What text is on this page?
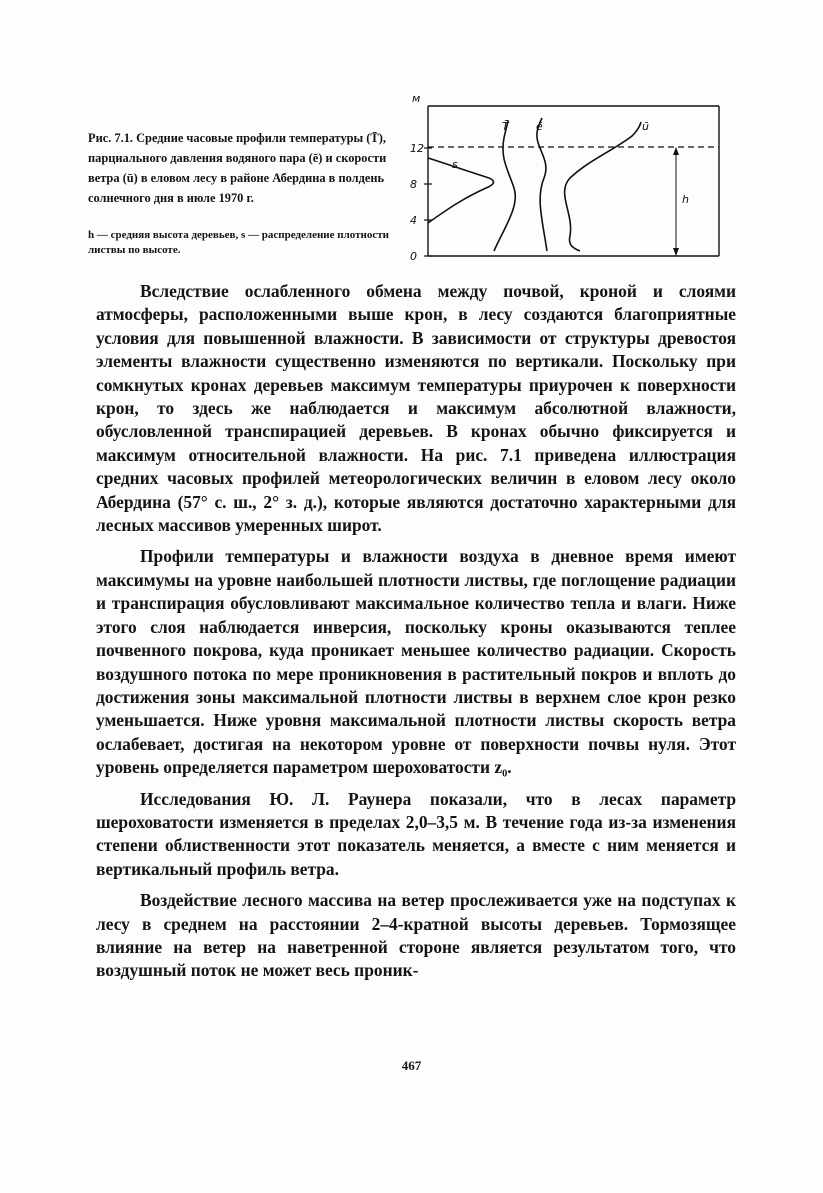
Рис. 7.1. Средние часовые профили температуры (T̄), парциального давления водяного пара (ē) и скорости ветра (ū) в еловом лесу в районе Абердина в полдень солнечного дня в июле 1970 г.
h — средняя высота деревьев, s — распределение плотности листвы по высоте.	0
4
8
12
м
h
s
T̄ ē	ū

Вследствие ослабленного обмена между почвой, кроной и слоями атмосферы, расположенными выше крон, в лесу создаются благоприятные условия для повышенной влажности. В зависимости от структуры древостоя элементы влажности существенно изменяются по вертикали. Поскольку при сомкнутых кронах деревьев максимум температуры приурочен к поверхности крон, то здесь же наблюдается и максимум абсолютной влажности, обусловленной транспирацией деревьев. В кронах обычно фиксируется и максимум относительной влажности. На рис. 7.1 приведена иллюстрация средних часовых профилей метеорологических величин в еловом лесу около Абердина (57° с. ш., 2° з. д.), которые являются достаточно характерными для лесных массивов умеренных широт.

Профили температуры и влажности воздуха в дневное время имеют максимумы на уровне наибольшей плотности листвы, где поглощение радиации и транспирация обусловливают максимальное количество тепла и влаги. Ниже этого слоя наблюдается инверсия, поскольку кроны оказываются теплее почвенного покрова, куда проникает меньшее количество радиации. Скорость воздушного потока по мере проникновения в растительный покров и вплоть до достижения зоны максимальной плотности листвы в верхнем слое крон резко уменьшается. Ниже уровня максимальной плотности листвы скорость ветра ослабевает, достигая на некотором уровне от поверхности почвы нуля. Этот уровень определяется параметром шероховатости z₀.

Исследования Ю. Л. Раунера показали, что в лесах параметр шероховатости изменяется в пределах 2,0–3,5 м. В течение года из-за изменения степени облиственности этот показатель меняется, а вместе с ним меняется и вертикальный профиль ветра.

Воздействие лесного массива на ветер прослеживается уже на подступах к лесу в среднем на расстоянии 2–4-кратной высоты деревьев. Тормозящее влияние на ветер на наветренной стороне является результатом того, что воздушный поток не может весь проник-

467
